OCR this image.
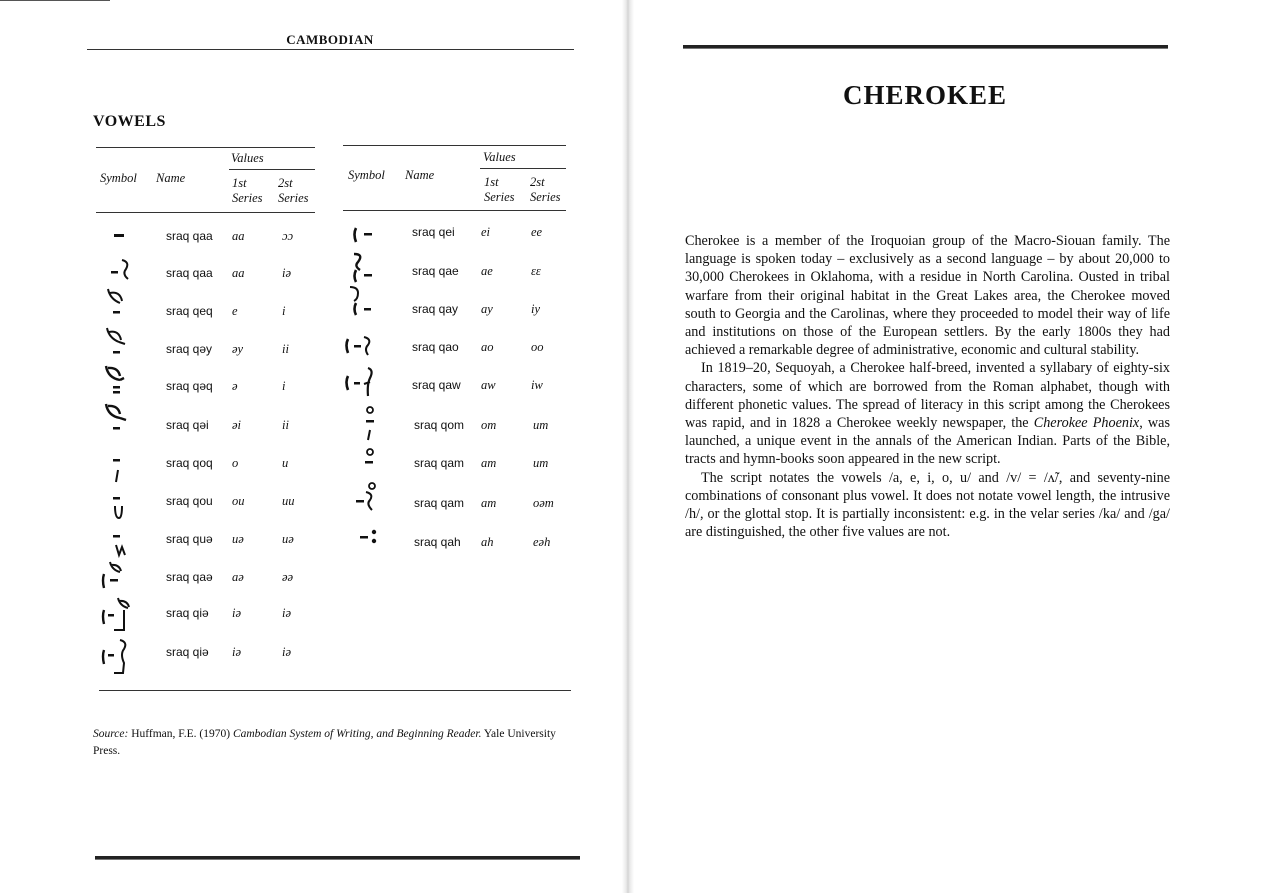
CAMBODIAN
VOWELS
Values
Symbol Name	1st
Series
2st
Series
Values
Symbol Name	1st
Series
2st
Series
sraq qaa aa	ɔɔ
sraq qaa aa	iə
sraq qeq e	i
sraq qəy əy	ii
sraq qəq ə	i
sraq qəi əi	ii
sraq qoq o	u
sraq qou ou	uu
sraq quə uə	uə
sraq qaə aə	əə
sraq qiə iə	iə
sraq qiə iə	iə
sraq qei ei	ee
sraq qae ae	εε
sraq qay ay	iy
sraq qao ao	oo
sraq qaw aw	iw
sraq qom om	um
sraq qam am	um
sraq qam am	oəm
sraq qah ah	eəh
Source: Huffman, F.E. (1970) Cambodian System of Writing, and Beginning Reader. Yale University Press.
CHEROKEE

Cherokee is a member of the Iroquoian group of the Macro-Siouan family. The language is spoken today – exclusively as a second language – by about 20,000 to 30,000 Cherokees in Oklahoma, with a residue in North Carolina. Ousted in tribal warfare from their original habitat in the Great Lakes area, the Cherokee moved south to Georgia and the Carolinas, where they proceeded to model their way of life and institutions on those of the European settlers. By the early 1800s they had achieved a remarkable degree of administrative, economic and cultural stability.

In 1819–20, Sequoyah, a Cherokee half-breed, invented a syllabary of eighty-six characters, some of which are borrowed from the Roman alphabet, though with different phonetic values. The spread of literacy in this script among the Cherokees was rapid, and in 1828 a Cherokee weekly newspaper, the Cherokee Phoenix, was launched, a unique event in the annals of the American Indian. Parts of the Bible, tracts and hymn-books soon appeared in the new script.

The script notates the vowels /a, e, i, o, u/ and /v/ = /ʌ̃/, and seventy-nine combinations of consonant plus vowel. It does not notate vowel length, the intrusive /h/, or the glottal stop. It is partially inconsistent: e.g. in the velar series /ka/ and /ga/ are distinguished, the other five values are not.
